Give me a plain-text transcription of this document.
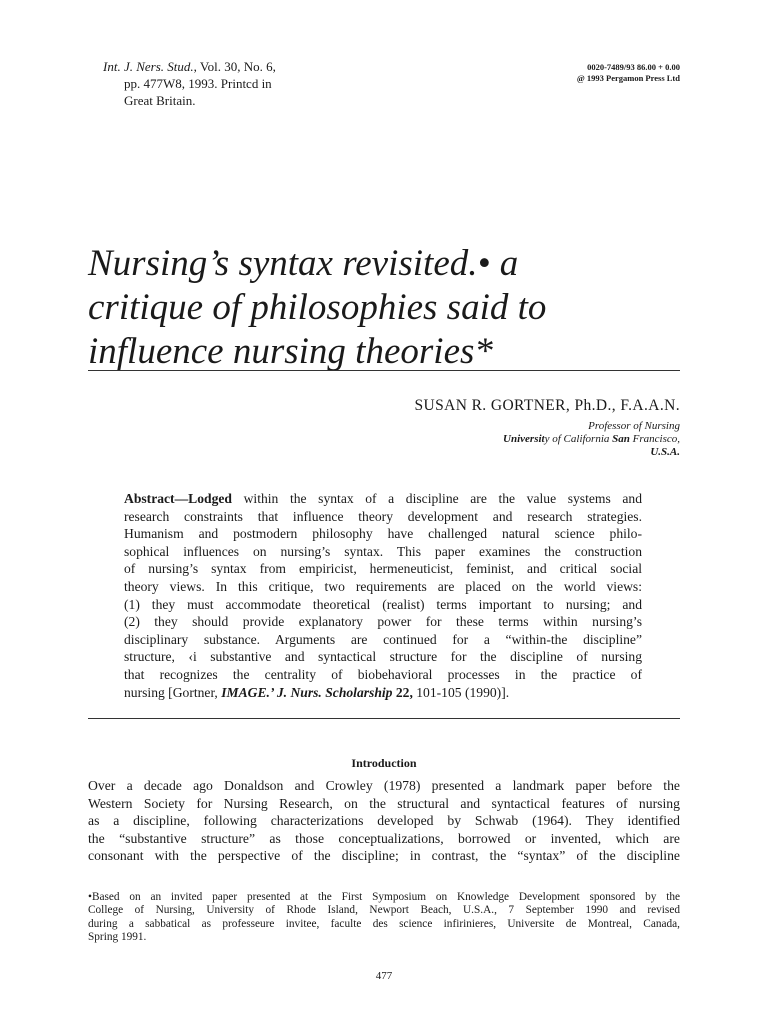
Int. J. Ners. Stud., Vol. 30, No. 6,
pp. 477W8, 1993. Printcd in
Great Britain.
0020-7489/93 86.00 + 0.00
@ 1993 Pergamon Press Ltd
Nursing’s syntax revisited.• a
critique of philosophies said to
influence nursing theories*
SUSAN R. GORTNER, Ph.D., F.A.A.N.
Professor of Nursing
University of California San Francisco,
U.S.A.
Abstract—Lodged within the syntax of a discipline are the value systems and
research constraints that influence theory development and research strategies.
Humanism and postmodern philosophy have challenged natural science philo-
sophical influences on nursing’s syntax. This paper examines the construction
of nursing’s syntax from empiricist, hermeneuticist, feminist, and critical social
theory views. In this critique, two requirements are placed on the world views:
(1) they must accommodate theoretical (realist) terms important to nursing; and
(2) they should provide explanatory power for these terms within nursing’s
disciplinary substance. Arguments are continued for a “within-the discipline”
structure, ‹i substantive and syntactical structure for the discipline of nursing
that recognizes the centrality of biobehavioral processes in the practice of
nursing [Gortner, IMAGE.’ J. Nurs. Scholarship 22, 101-105 (1990)].
Introduction
Over a decade ago Donaldson and Crowley (1978) presented a landmark paper before the
Western Society for Nursing Research, on the structural and syntactical features of nursing
as a discipline, following characterizations developed by Schwab (1964). They identified
the “substantive structure” as those conceptualizations, borrowed or invented, which are
consonant with the perspective of the discipline; in contrast, the “syntax” of the discipline
•Based on an invited paper presented at the First Symposium on Knowledge Development sponsored by the
College of Nursing, University of Rhode Island, Newport Beach, U.S.A., 7 September 1990 and revised
during a sabbatical as professeure invitee, faculte des science infirinieres, Universite de Montreal, Canada,
Spring 1991.
477
